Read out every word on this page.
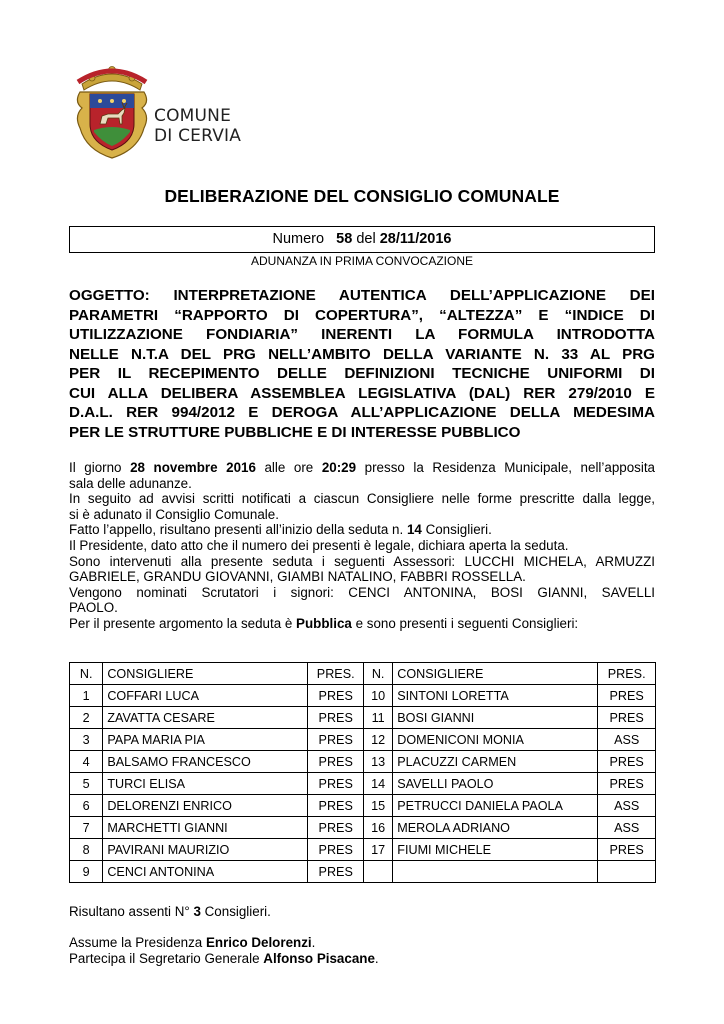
COMUNE
DI CERVIA
DELIBERAZIONE DEL CONSIGLIO COMUNALE
Numero 58 del 28/11/2016
ADUNANZA IN PRIMA CONVOCAZIONE
OGGETTO: INTERPRETAZIONE AUTENTICA DELL’APPLICAZIONE DEI
PARAMETRI “RAPPORTO DI COPERTURA”, “ALTEZZA” E “INDICE DI
UTILIZZAZIONE FONDIARIA” INERENTI LA FORMULA INTRODOTTA
NELLE N.T.A DEL PRG NELL’AMBITO DELLA VARIANTE N. 33 AL PRG
PER IL RECEPIMENTO DELLE DEFINIZIONI TECNICHE UNIFORMI DI
CUI ALLA DELIBERA ASSEMBLEA LEGISLATIVA (DAL) RER 279/2010 E
D.A.L. RER 994/2012 E DEROGA ALL’APPLICAZIONE DELLA MEDESIMA
PER LE STRUTTURE PUBBLICHE E DI INTERESSE PUBBLICO

Il giorno 28 novembre 2016 alle ore 20:29 presso la Residenza Municipale, nell’apposita

sala delle adunanze.

In seguito ad avvisi scritti notificati a ciascun Consigliere nelle forme prescritte dalla legge,

si è adunato il Consiglio Comunale.

Fatto l’appello, risultano presenti all’inizio della seduta n. 14 Consiglieri.

Il Presidente, dato atto che il numero dei presenti è legale, dichiara aperta la seduta.

Sono intervenuti alla presente seduta i seguenti Assessori: LUCCHI MICHELA, ARMUZZI

GABRIELE, GRANDU GIOVANNI, GIAMBI NATALINO, FABBRI ROSSELLA.

Vengono nominati Scrutatori i signori: CENCI ANTONINA, BOSI GIANNI, SAVELLI

PAOLO.

Per il presente argomento la seduta è Pubblica e sono presenti i seguenti Consiglieri:

N.	CONSIGLIERE	PRES.	N.	CONSIGLIERE	PRES.
1	COFFARI LUCA	PRES	10	SINTONI LORETTA	PRES
2	ZAVATTA CESARE	PRES	11	BOSI GIANNI	PRES
3	PAPA MARIA PIA	PRES	12	DOMENICONI MONIA	ASS
4	BALSAMO FRANCESCO	PRES	13	PLACUZZI CARMEN	PRES
5	TURCI ELISA	PRES	14	SAVELLI PAOLO	PRES
6	DELORENZI ENRICO	PRES	15	PETRUCCI DANIELA PAOLA	ASS
7	MARCHETTI GIANNI	PRES	16	MEROLA ADRIANO	ASS
8	PAVIRANI MAURIZIO	PRES	17	FIUMI MICHELE	PRES
9	CENCI ANTONINA	PRES			
Risultano assenti N° 3 Consiglieri.
Assume la Presidenza Enrico Delorenzi.
Partecipa il Segretario Generale Alfonso Pisacane.
